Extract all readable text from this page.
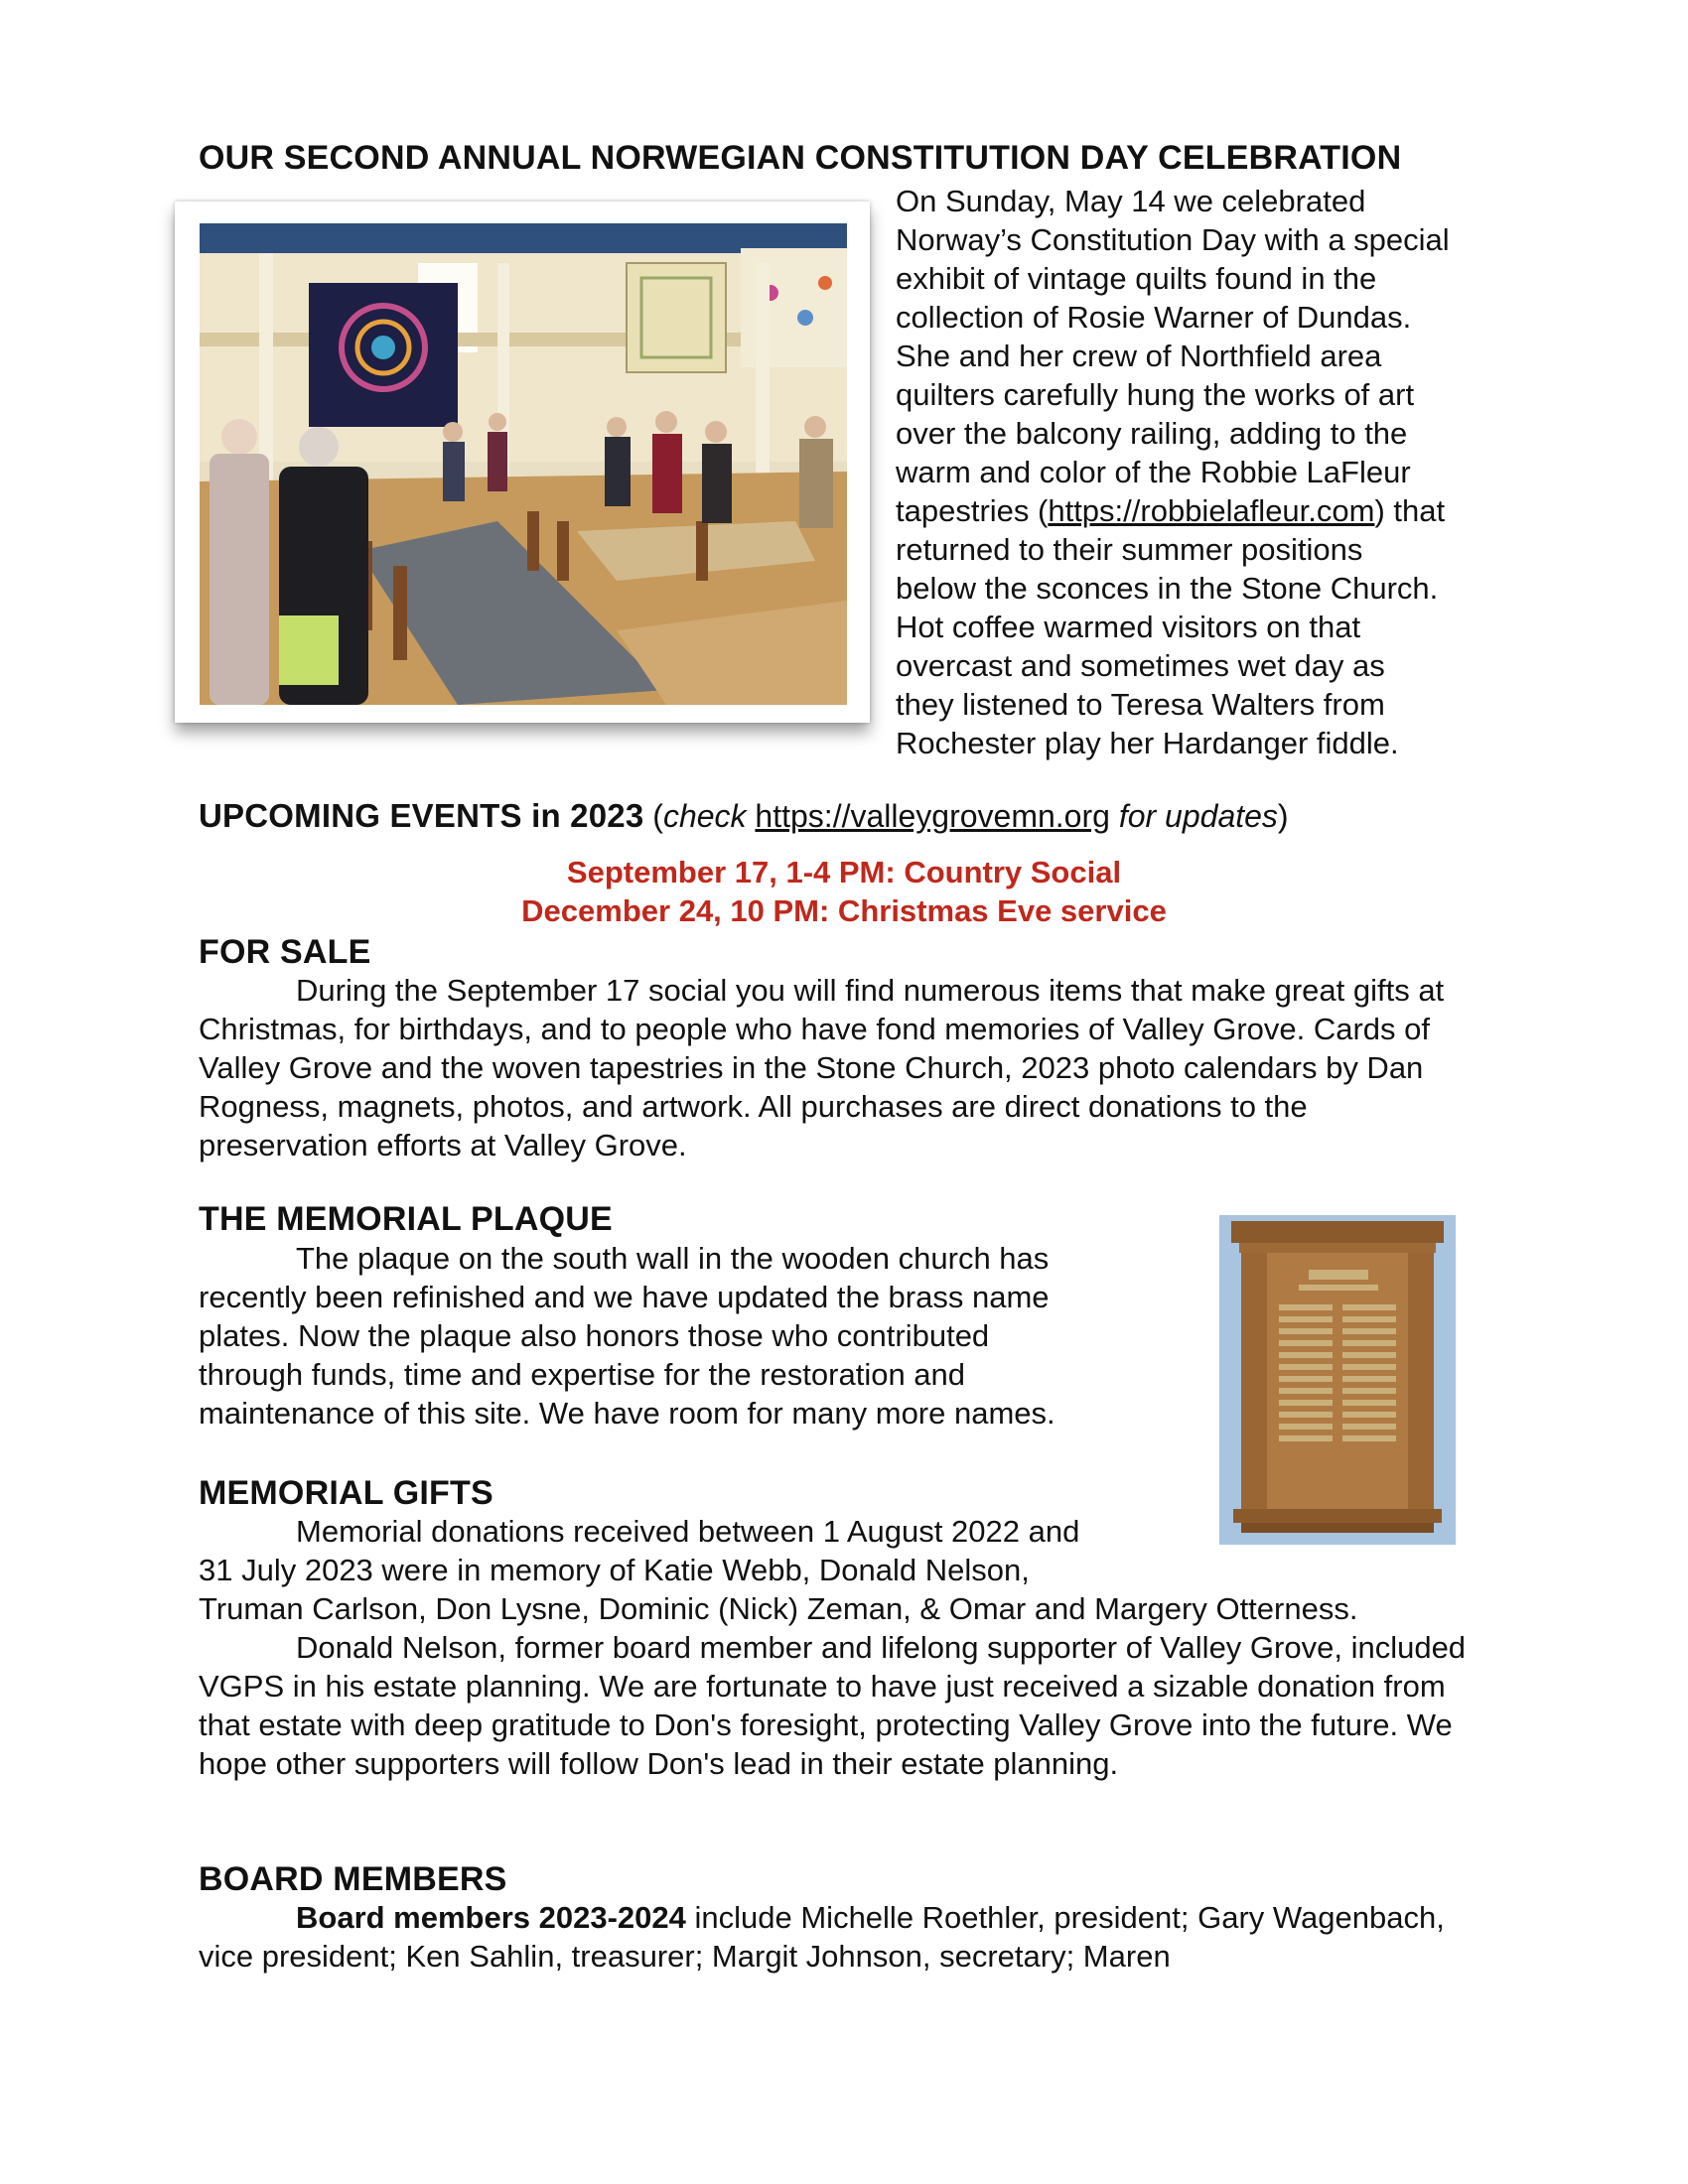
OUR SECOND ANNUAL NORWEGIAN CONSTITUTION DAY CELEBRATION
On Sunday, May 14 we celebrated
Norway’s Constitution Day with a special
exhibit of vintage quilts found in the
collection of Rosie Warner of Dundas.
She and her crew of Northfield area
quilters carefully hung the works of art
over the balcony railing, adding to the
warm and color of the Robbie LaFleur
tapestries (https://robbielafleur.com) that
returned to their summer positions
below the sconces in the Stone Church.
Hot coffee warmed visitors on that
overcast and sometimes wet day as
they listened to Teresa Walters from
Rochester play her Hardanger fiddle.
UPCOMING EVENTS in 2023 (check https://valleygrovemn.org for updates)
September 17, 1-4 PM: Country Social
December 24, 10 PM: Christmas Eve service
FOR SALE

During the September 17 social you will find numerous items that make great gifts at Christmas, for birthdays, and to people who have fond memories of Valley Grove. Cards of Valley Grove and the woven tapestries in the Stone Church, 2023 photo calendars by Dan Rogness, magnets, photos, and artwork. All purchases are direct donations to the preservation efforts at Valley Grove.

THE MEMORIAL PLAQUE
The plaque on the south wall in the wooden church has
recently been refinished and we have updated the brass name
plates. Now the plaque also honors those who contributed
through funds, time and expertise for the restoration and
maintenance of this site. We have room for many more names.
MEMORIAL GIFTS
Memorial donations received between 1 August 2022 and
31 July 2023 were in memory of Katie Webb, Donald Nelson,
Truman Carlson, Don Lysne, Dominic (Nick) Zeman, & Omar and Margery Otterness.

Donald Nelson, former board member and lifelong supporter of Valley Grove, included VGPS in his estate planning. We are fortunate to have just received a sizable donation from that estate with deep gratitude to Don's foresight, protecting Valley Grove into the future. We hope other supporters will follow Don's lead in their estate planning.

BOARD MEMBERS

Board members 2023-2024 include Michelle Roethler, president; Gary Wagenbach, vice president; Ken Sahlin, treasurer; Margit Johnson, secretary; Maren
